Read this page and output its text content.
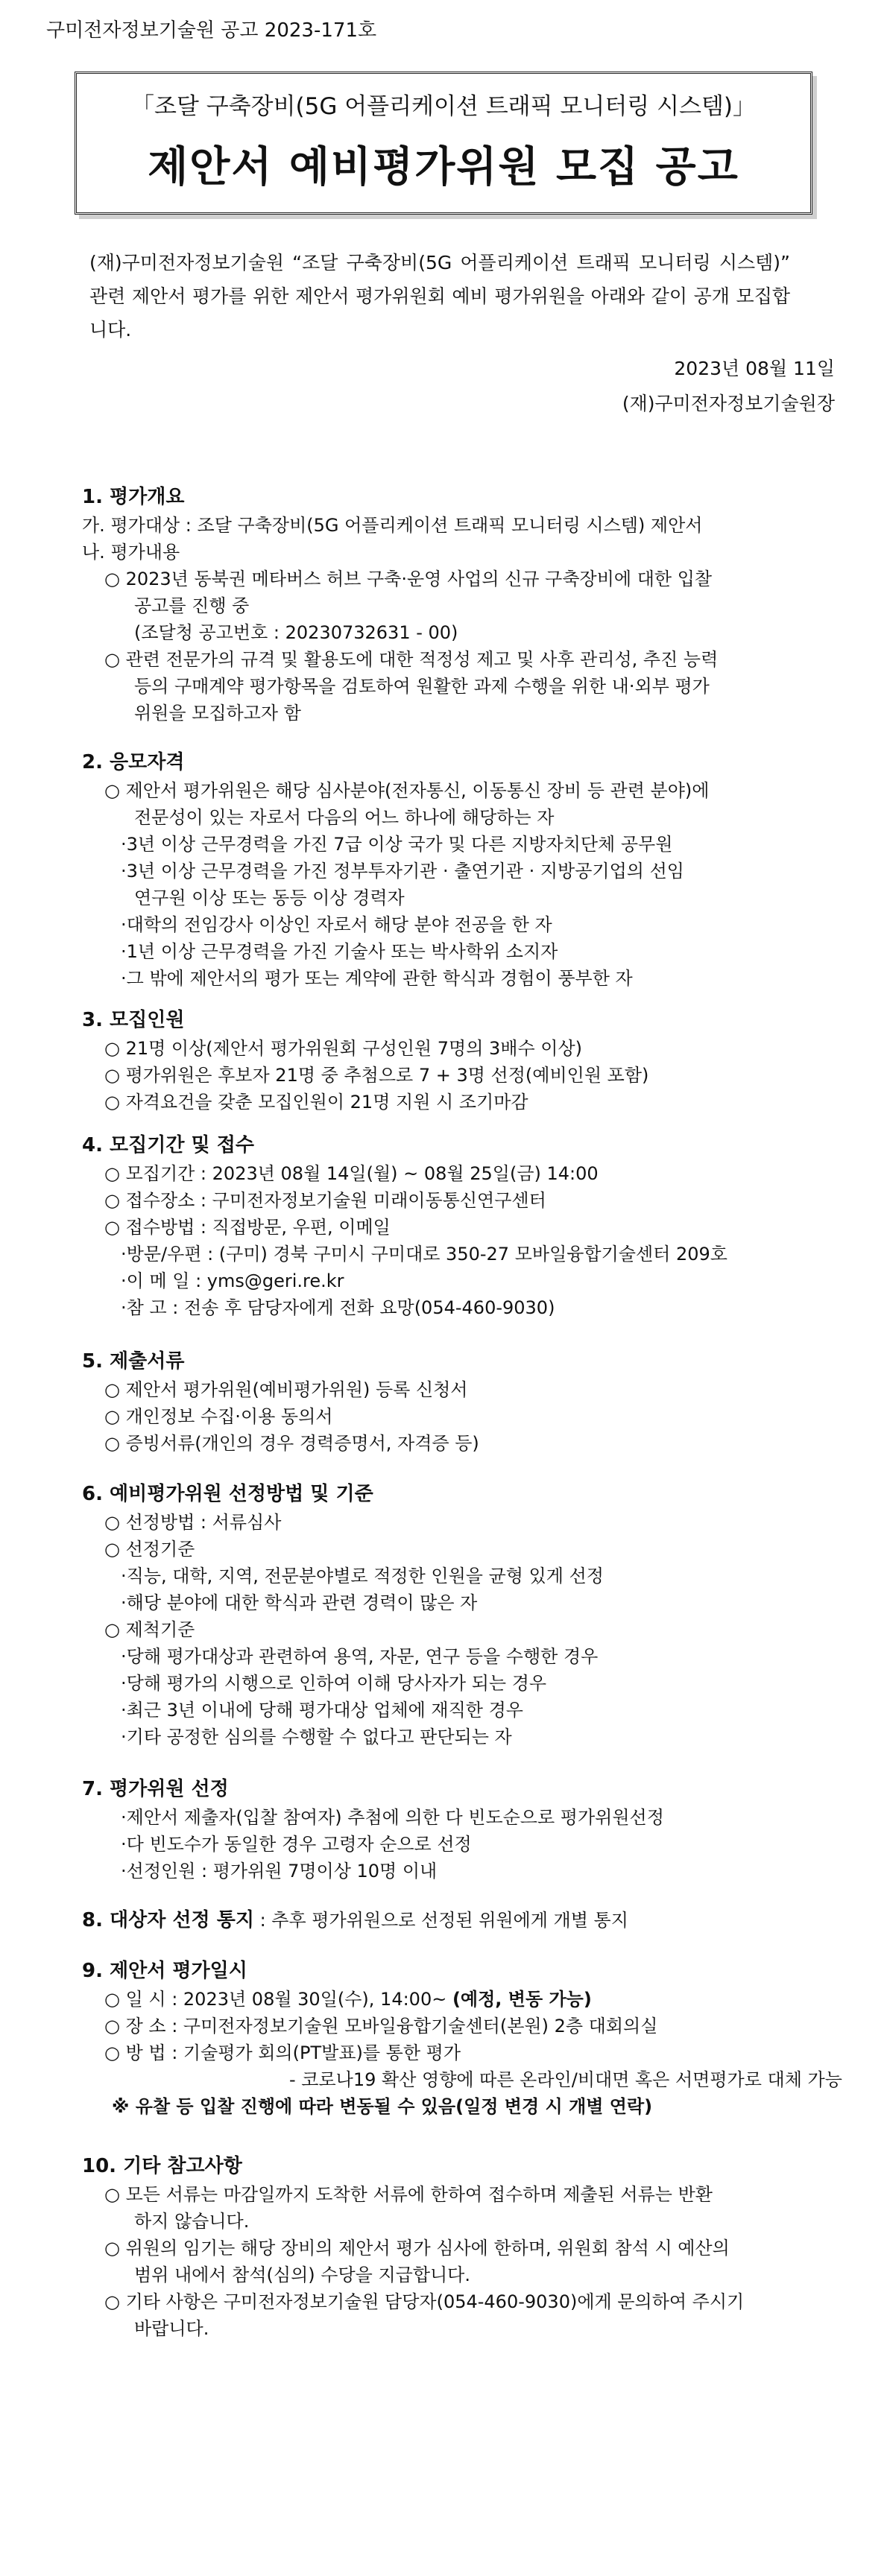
구미전자정보기술원 공고 2023-171호
「조달 구축장비(5G 어플리케이션 트래픽 모니터링 시스템)」
제안서 예비평가위원 모집 공고
(재)구미전자정보기술원 “조달 구축장비(5G 어플리케이션 트래픽 모니터링 시스템)” 관련 제안서 평가를 위한 제안서 평가위원회 예비 평가위원을 아래와 같이 공개 모집합니다.
2023년 08월 11일
(재)구미전자정보기술원장
1. 평가개요
가. 평가대상 : 조달 구축장비(5G 어플리케이션 트래픽 모니터링 시스템) 제안서
나. 평가내용
○ 2023년 동북권 메타버스 허브 구축·운영 사업의 신규 구축장비에 대한 입찰
공고를 진행 중
(조달청 공고번호 : 20230732631 - 00)
○ 관련 전문가의 규격 및 활용도에 대한 적정성 제고 및 사후 관리성, 추진 능력
등의 구매계약 평가항목을 검토하여 원활한 과제 수행을 위한 내·외부 평가
위원을 모집하고자 함
2. 응모자격
○ 제안서 평가위원은 해당 심사분야(전자통신, 이동통신 장비 등 관련 분야)에
전문성이 있는 자로서 다음의 어느 하나에 해당하는 자
·3년 이상 근무경력을 가진 7급 이상 국가 및 다른 지방자치단체 공무원
·3년 이상 근무경력을 가진 정부투자기관 · 출연기관 · 지방공기업의 선임
연구원 이상 또는 동등 이상 경력자
·대학의 전임강사 이상인 자로서 해당 분야 전공을 한 자
·1년 이상 근무경력을 가진 기술사 또는 박사학위 소지자
·그 밖에 제안서의 평가 또는 계약에 관한 학식과 경험이 풍부한 자
3. 모집인원
○ 21명 이상(제안서 평가위원회 구성인원 7명의 3배수 이상)
○ 평가위원은 후보자 21명 중 추첨으로 7 + 3명 선정(예비인원 포함)
○ 자격요건을 갖춘 모집인원이 21명 지원 시 조기마감
4. 모집기간 및 접수
○ 모집기간 : 2023년 08월 14일(월) ~ 08월 25일(금) 14:00
○ 접수장소 : 구미전자정보기술원 미래이동통신연구센터
○ 접수방법 : 직접방문, 우편, 이메일
·방문/우편 : (구미) 경북 구미시 구미대로 350-27 모바일융합기술센터 209호
·이 메 일 : yms@geri.re.kr
·참 고 : 전송 후 담당자에게 전화 요망(054-460-9030)
5. 제출서류
○ 제안서 평가위원(예비평가위원) 등록 신청서
○ 개인정보 수집·이용 동의서
○ 증빙서류(개인의 경우 경력증명서, 자격증 등)
6. 예비평가위원 선정방법 및 기준
○ 선정방법 : 서류심사
○ 선정기준
·직능, 대학, 지역, 전문분야별로 적정한 인원을 균형 있게 선정
·해당 분야에 대한 학식과 관련 경력이 많은 자
○ 제척기준
·당해 평가대상과 관련하여 용역, 자문, 연구 등을 수행한 경우
·당해 평가의 시행으로 인하여 이해 당사자가 되는 경우
·최근 3년 이내에 당해 평가대상 업체에 재직한 경우
·기타 공정한 심의를 수행할 수 없다고 판단되는 자
7. 평가위원 선정
·제안서 제출자(입찰 참여자) 추첨에 의한 다 빈도순으로 평가위원선정
·다 빈도수가 동일한 경우 고령자 순으로 선정
·선정인원 : 평가위원 7명이상 10명 이내
8. 대상자 선정 통지 : 추후 평가위원으로 선정된 위원에게 개별 통지
9. 제안서 평가일시
○ 일 시 : 2023년 08월 30일(수), 14:00~ (예정, 변동 가능)
○ 장 소 : 구미전자정보기술원 모바일융합기술센터(본원) 2층 대회의실
○ 방 법 : 기술평가 회의(PT발표)를 통한 평가
- 코로나19 확산 영향에 따른 온라인/비대면 혹은 서면평가로 대체 가능
※ 유찰 등 입찰 진행에 따라 변동될 수 있음(일정 변경 시 개별 연락)
10. 기타 참고사항
○ 모든 서류는 마감일까지 도착한 서류에 한하여 접수하며 제출된 서류는 반환
하지 않습니다.
○ 위원의 임기는 해당 장비의 제안서 평가 심사에 한하며, 위원회 참석 시 예산의
범위 내에서 참석(심의) 수당을 지급합니다.
○ 기타 사항은 구미전자정보기술원 담당자(054-460-9030)에게 문의하여 주시기
바랍니다.
